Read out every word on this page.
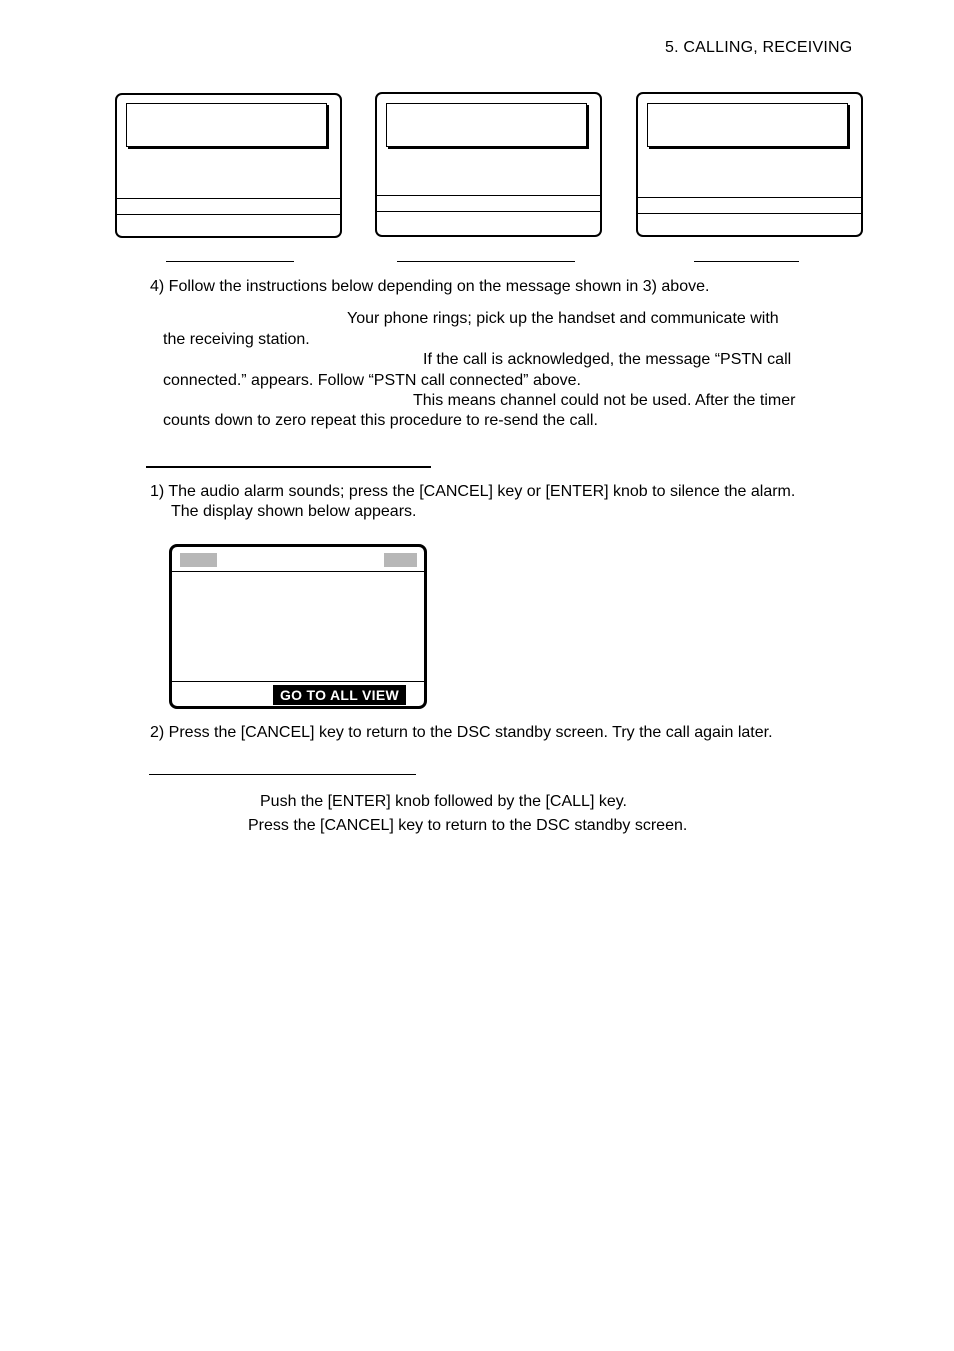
5. CALLING, RECEIVING
4) Follow the instructions below depending on the message shown in 3) above.
Your phone rings; pick up the handset and communicate with
the receiving station.
If the call is acknowledged, the message “PSTN call
connected.” appears. Follow “PSTN call connected” above.
This means channel could not be used. After the timer
counts down to zero repeat this procedure to re-send the call.
1) The audio alarm sounds; press the [CANCEL] key or [ENTER] knob to silence the alarm.
The display shown below appears.
GO TO ALL VIEW
2) Press the [CANCEL] key to return to the DSC standby screen. Try the call again later.
Push the [ENTER] knob followed by the [CALL] key.
Press the [CANCEL] key to return to the DSC standby screen.
